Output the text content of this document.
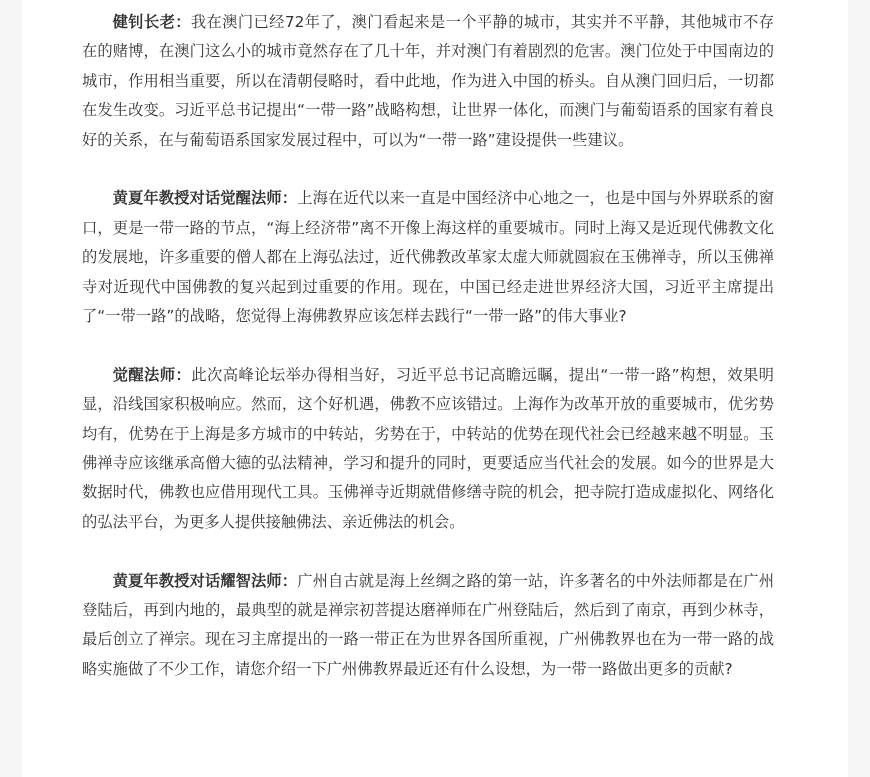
健钊长老：我在澳门已经72年了，澳门看起来是一个平静的城市，其实并不平静，其他城市不存在的赌博，在澳门这么小的城市竟然存在了几十年，并对澳门有着剧烈的危害。澳门位处于中国南边的城市，作用相当重要，所以在清朝侵略时，看中此地，作为进入中国的桥头。自从澳门回归后，一切都在发生改变。习近平总书记提出“一带一路”战略构想，让世界一体化，而澳门与葡萄语系的国家有着良好的关系，在与葡萄语系国家发展过程中，可以为“一带一路”建设提供一些建议。

黄夏年教授对话觉醒法师：上海在近代以来一直是中国经济中心地之一，也是中国与外界联系的窗口，更是一带一路的节点，“海上经济带”离不开像上海这样的重要城市。同时上海又是近现代佛教文化的发展地，许多重要的僧人都在上海弘法过，近代佛教改革家太虚大师就圆寂在玉佛禅寺，所以玉佛禅寺对近现代中国佛教的复兴起到过重要的作用。现在，中国已经走进世界经济大国，习近平主席提出了“一带一路”的战略，您觉得上海佛教界应该怎样去践行“一带一路”的伟大事业?

觉醒法师：此次高峰论坛举办得相当好，习近平总书记高瞻远瞩，提出“一带一路”构想，效果明显，沿线国家积极响应。然而，这个好机遇，佛教不应该错过。上海作为改革开放的重要城市，优劣势均有，优势在于上海是多方城市的中转站，劣势在于，中转站的优势在现代社会已经越来越不明显。玉佛禅寺应该继承高僧大德的弘法精神，学习和提升的同时，更要适应当代社会的发展。如今的世界是大数据时代，佛教也应借用现代工具。玉佛禅寺近期就借修缮寺院的机会，把寺院打造成虚拟化、网络化的弘法平台，为更多人提供接触佛法、亲近佛法的机会。

黄夏年教授对话耀智法师：广州自古就是海上丝绸之路的第一站，许多著名的中外法师都是在广州登陆后，再到内地的，最典型的就是禅宗初菩提达磨禅师在广州登陆后，然后到了南京，再到少林寺，最后创立了禅宗。现在习主席提出的一路一带正在为世界各国所重视，广州佛教界也在为一带一路的战略实施做了不少工作，请您介绍一下广州佛教界最近还有什么设想，为一带一路做出更多的贡献?
